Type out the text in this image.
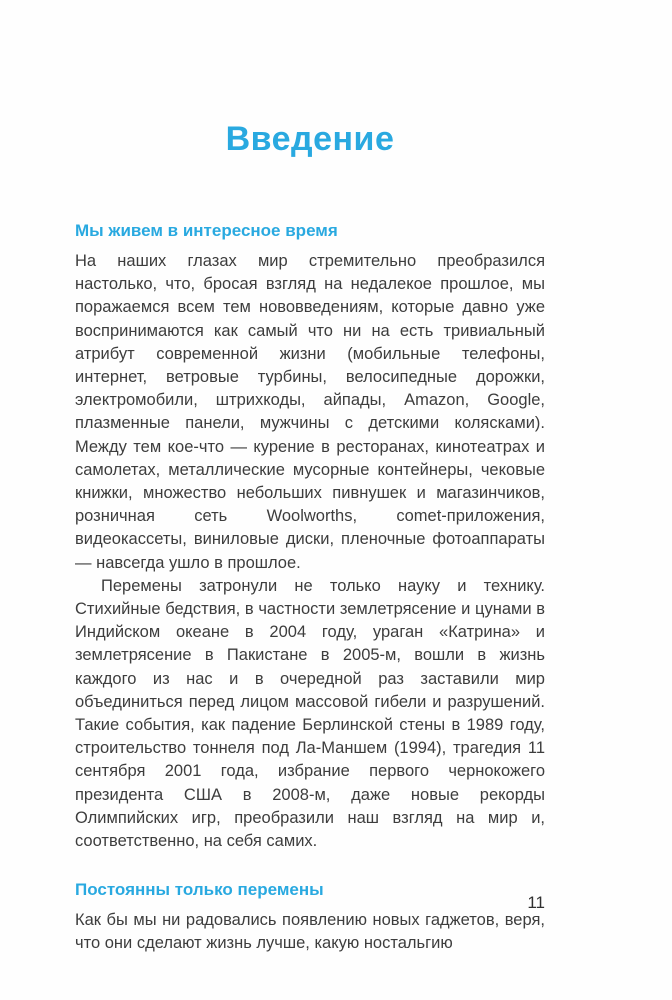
Введение
Мы живем в интересное время

На наших глазах мир стремительно преобразился настолько, что, бросая взгляд на недалекое прошлое, мы поражаемся всем тем нововведениям, которые давно уже воспринимаются как самый что ни на есть тривиальный атрибут современной жизни (мобильные телефоны, интернет, ветровые турбины, велосипедные дорожки, электромобили, штрихкоды, айпады, Amazon, Google, плазменные панели, мужчины с детскими колясками). Между тем кое-что — курение в ресторанах, кинотеатрах и самолетах, металлические мусорные контейнеры, чековые книжки, множество небольших пивнушек и магазинчиков, розничная сеть Woolworths, comet-приложения, видеокассеты, виниловые диски, пленочные фотоаппараты — навсегда ушло в прошлое.

Перемены затронули не только науку и технику. Стихийные бедствия, в частности землетрясение и цунами в Индийском океане в 2004 году, ураган «Катрина» и землетрясение в Пакистане в 2005-м, вошли в жизнь каждого из нас и в очередной раз заставили мир объединиться перед лицом массовой гибели и разрушений. Такие события, как падение Берлинской стены в 1989 году, строительство тоннеля под Ла-Маншем (1994), трагедия 11 сентября 2001 года, избрание первого чернокожего президента США в 2008-м, даже новые рекорды Олимпийских игр, преобразили наш взгляд на мир и, соответственно, на себя самих.

Постоянны только перемены

Как бы мы ни радовались появлению новых гаджетов, веря, что они сделают жизнь лучше, какую ностальгию

11
